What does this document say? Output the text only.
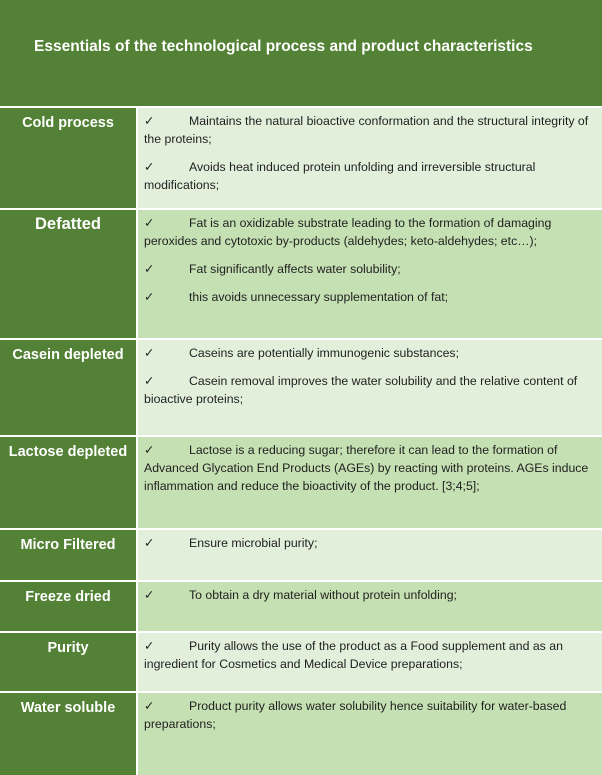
Essentials of the technological process and product characteristics
Cold process	✓	Maintains the natural bioactive conformation and the structural integrity of the proteins;
✓	Avoids heat induced protein unfolding and irreversible structural modifications;
Defatted	✓	Fat is an oxidizable substrate leading to the formation of damaging peroxides and cytotoxic by-products (aldehydes; keto-aldehydes; etc…);
✓	Fat significantly affects water solubility;
✓	this avoids unnecessary supplementation of fat;
Casein depleted	✓	Caseins are potentially immunogenic substances;
✓	Casein removal improves the water solubility and the relative content of bioactive proteins;
Lactose depleted	✓	Lactose is a reducing sugar; therefore it can lead to the formation of Advanced Glycation End Products (AGEs) by reacting with proteins. AGEs induce inflammation and reduce the bioactivity of the product. [3;4;5];
Micro Filtered	✓	Ensure microbial purity;
Freeze dried	✓	To obtain a dry material without protein unfolding;
Purity	✓	Purity allows the use of the product as a Food supplement and as an ingredient for Cosmetics and Medical Device preparations;
Water soluble	✓	Product purity allows water solubility hence suitability for water-based preparations;
